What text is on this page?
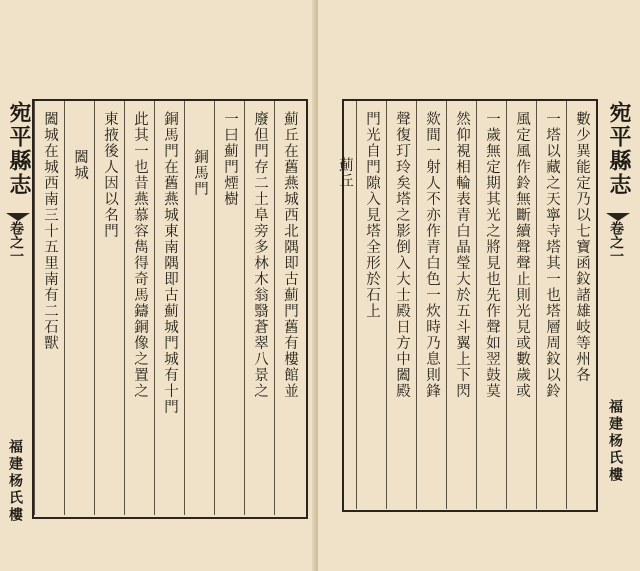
薊丘在舊燕城西北隅即古薊門舊有樓館並
廢但門存二土阜旁多林木翁翳蒼翠八景之
一曰薊門煙樹
銅馬門
銅馬門在舊燕城東南隅即古薊城門城有十門
此其一也昔燕慕容雋得奇馬鑄銅像之置之
東掖後人因以名門
闔城
闔城在城西南三十五里南有二石獸
宛平縣志
卷之一
福建杨氏樓
數少異能定乃以七寶函鈫諸雄岐等州各
一塔以藏之天寧寺塔其一也塔層周鈫以鈴
風定風作鈴無斷續聲聲止則光見或數歲或
一歲無定期其光之將見也先作聲如翌鼓莫
然仰視相輪表青白晶瑩大於五斗翼上下閃
欻間一射人不亦作青白色一炊時乃息則鋒
聲復玎玲矣塔之影倒入大士殿日方中闔殿
門光自門隙入見塔全形於石上
薊丘	宛平縣志
卷之一
福建杨氏樓
